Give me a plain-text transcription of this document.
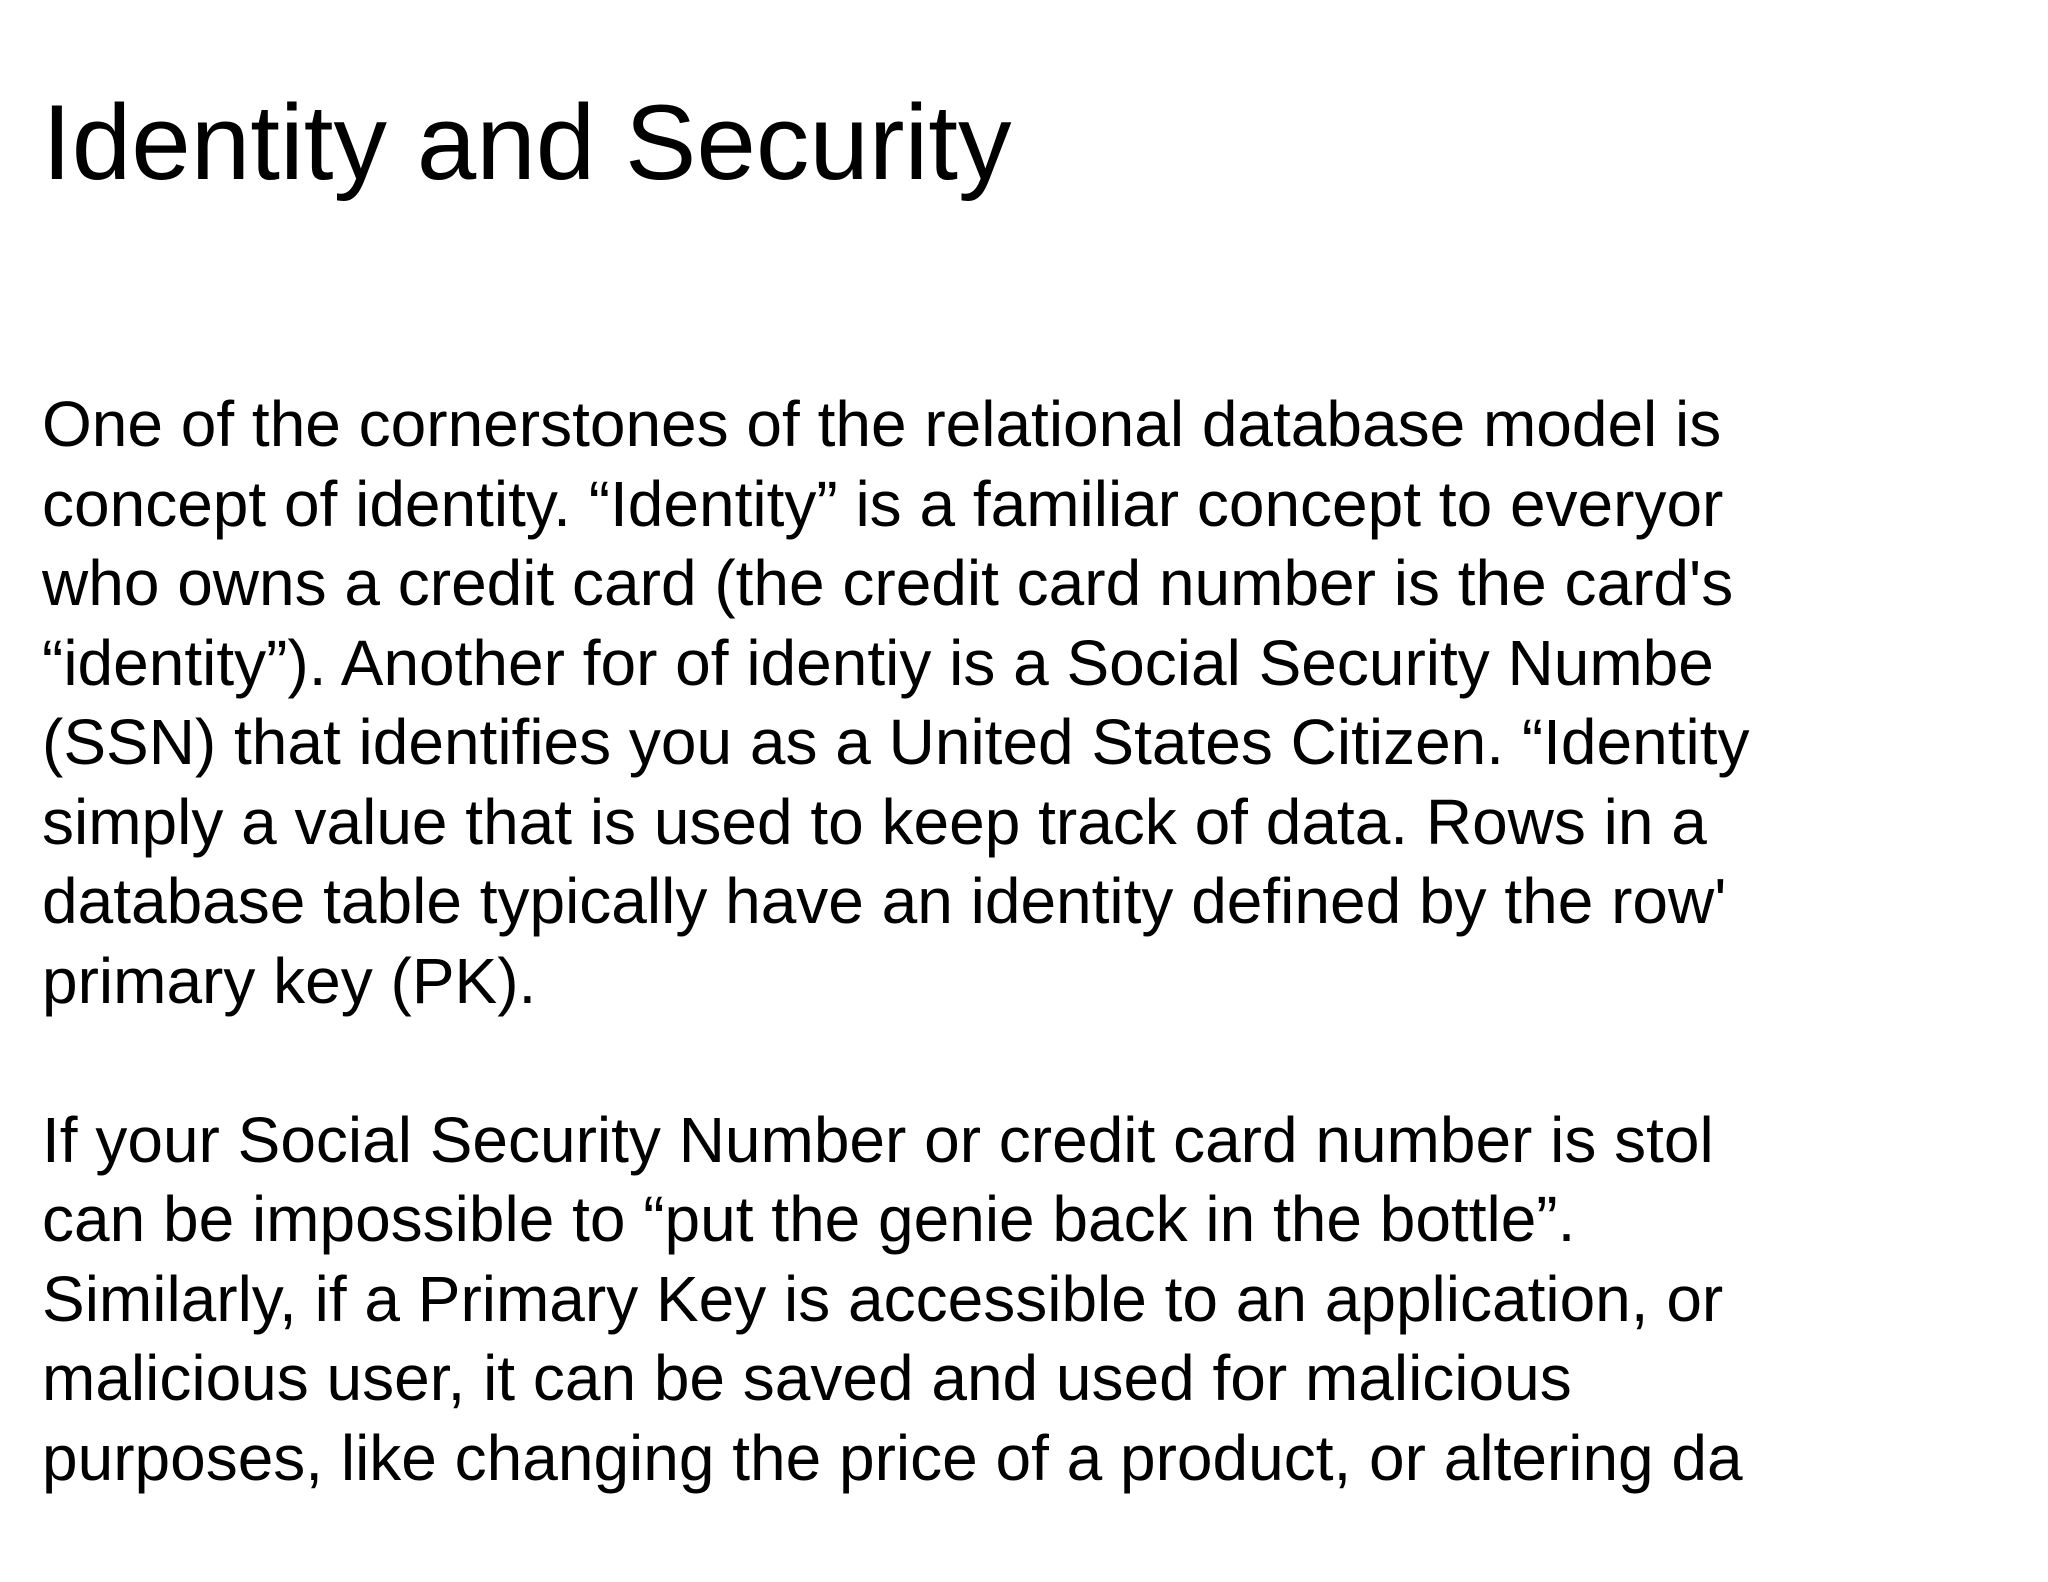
Identity and Security
One of the cornerstones of the relational database model is
concept of identity. “Identity” is a familiar concept to everyor
who owns a credit card (the credit card number is the card's
“identity”). Another for of identiy is a Social Security Numbe
(SSN) that identifies you as a United States Citizen. “Identity
simply a value that is used to keep track of data. Rows in a
database table typically have an identity defined by the row'
primary key (PK).
If your Social Security Number or credit card number is stol
can be impossible to “put the genie back in the bottle”.
Similarly, if a Primary Key is accessible to an application, or
malicious user, it can be saved and used for malicious
purposes, like changing the price of a product, or altering da
